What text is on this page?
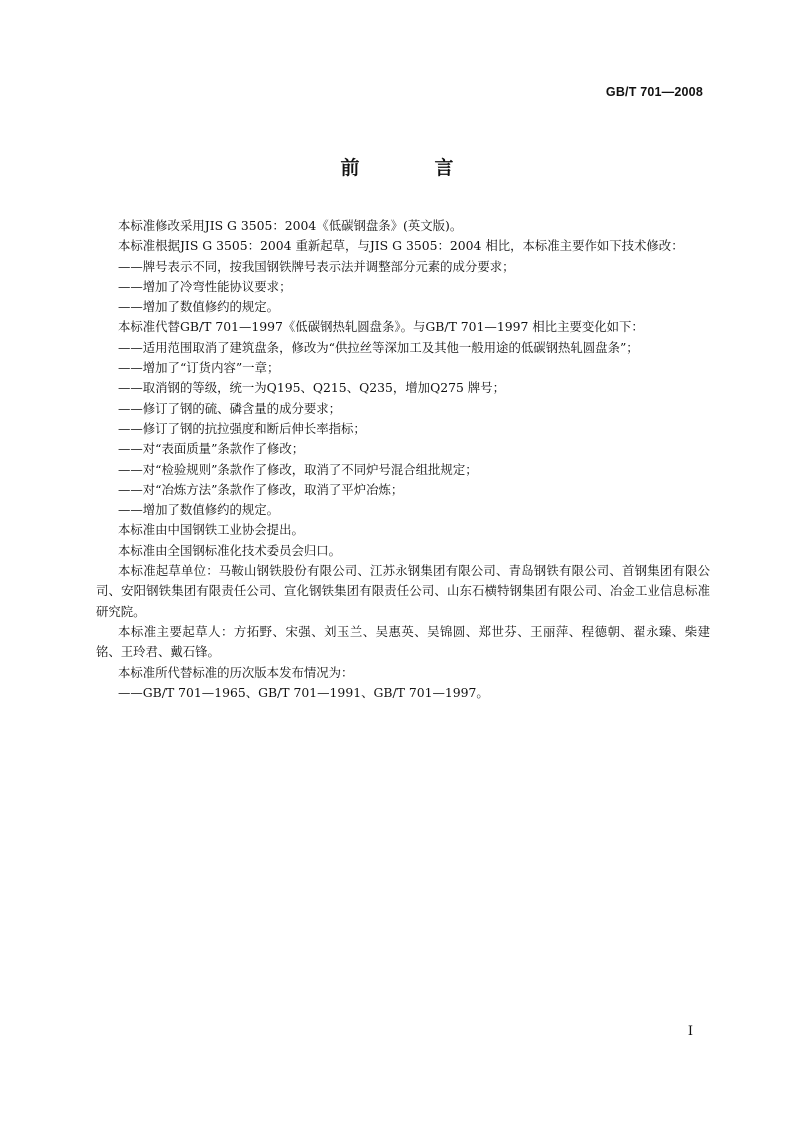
GB/T 701—2008
前　言
本标准修改采用JIS G 3505：2004《低碳钢盘条》(英文版)。
本标准根据JIS G 3505：2004 重新起草，与JIS G 3505：2004 相比，本标准主要作如下技术修改：
——牌号表示不同，按我国钢铁牌号表示法并调整部分元素的成分要求；
——增加了冷弯性能协议要求；
——增加了数值修约的规定。
本标准代替GB/T 701—1997《低碳钢热轧圆盘条》。与GB/T 701—1997 相比主要变化如下：
——适用范围取消了建筑盘条，修改为“供拉丝等深加工及其他一般用途的低碳钢热轧圆盘条”；
——增加了“订货内容”一章；
——取消钢的等级，统一为Q195、Q215、Q235，增加Q275 牌号；
——修订了钢的硫、磷含量的成分要求；
——修订了钢的抗拉强度和断后伸长率指标；
——对“表面质量”条款作了修改；
——对“检验规则”条款作了修改，取消了不同炉号混合组批规定；
——对“冶炼方法”条款作了修改，取消了平炉冶炼；
——增加了数值修约的规定。
本标准由中国钢铁工业协会提出。
本标准由全国钢标准化技术委员会归口。
本标准起草单位：马鞍山钢铁股份有限公司、江苏永钢集团有限公司、青岛钢铁有限公司、首钢集团有限公司、安阳钢铁集团有限责任公司、宣化钢铁集团有限责任公司、山东石横特钢集团有限公司、冶金工业信息标准研究院。
本标准主要起草人：方拓野、宋强、刘玉兰、吴惠英、吴锦圆、郑世芬、王丽萍、程德朝、翟永臻、柴建铭、王玲君、戴石锋。
本标准所代替标准的历次版本发布情况为：
——GB/T 701—1965、GB/T 701—1991、GB/T 701—1997。
I
